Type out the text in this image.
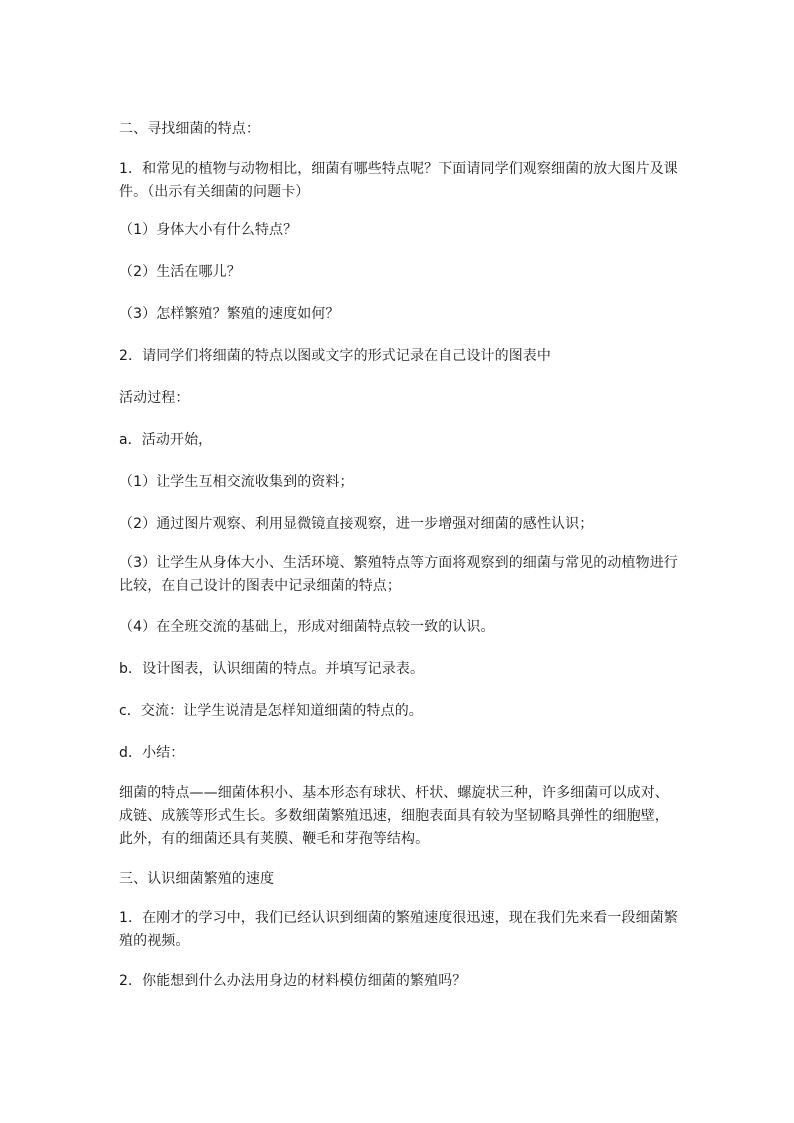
二、寻找细菌的特点：

1．和常见的植物与动物相比，细菌有哪些特点呢？下面请同学们观察细菌的放大图片及课件。（出示有关细菌的问题卡）

（1）身体大小有什么特点？

（2）生活在哪儿？

（3）怎样繁殖？繁殖的速度如何？

2．请同学们将细菌的特点以图或文字的形式记录在自己设计的图表中

活动过程：

a．活动开始，

（1）让学生互相交流收集到的资料；

（2）通过图片观察、利用显微镜直接观察，进一步增强对细菌的感性认识；

（3）让学生从身体大小、生活环境、繁殖特点等方面将观察到的细菌与常见的动植物进行比较，在自己设计的图表中记录细菌的特点；

（4）在全班交流的基础上，形成对细菌特点较一致的认识。

b．设计图表，认识细菌的特点。并填写记录表。

c．交流：让学生说清是怎样知道细菌的特点的。

d．小结：

细菌的特点——细菌体积小、基本形态有球状、杆状、螺旋状三种，许多细菌可以成对、成链、成簇等形式生长。多数细菌繁殖迅速，细胞表面具有较为坚韧略具弹性的细胞壁，此外，有的细菌还具有荚膜、鞭毛和芽孢等结构。

三、认识细菌繁殖的速度

1．在刚才的学习中，我们已经认识到细菌的繁殖速度很迅速，现在我们先来看一段细菌繁殖的视频。

2．你能想到什么办法用身边的材料模仿细菌的繁殖吗？
